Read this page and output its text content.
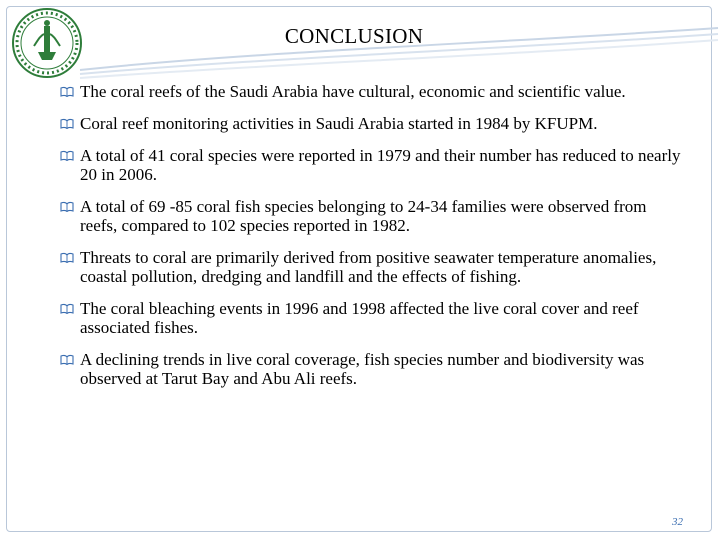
CONCLUSION
The coral reefs of the Saudi Arabia have cultural, economic and scientific value.
Coral reef monitoring activities in Saudi Arabia started in 1984 by KFUPM.
A total of 41 coral species were reported in 1979 and their number has reduced to nearly 20 in 2006.
A total of 69 -85 coral fish species belonging to 24-34 families were observed from reefs, compared to 102 species reported in 1982.
Threats to coral are primarily derived from positive seawater temperature anomalies, coastal pollution, dredging and landfill and the effects of fishing.
The coral bleaching events in 1996 and 1998 affected the live coral cover and reef associated fishes.
A declining trends in live coral coverage, fish species number and biodiversity was observed at Tarut Bay and Abu Ali reefs.
32
